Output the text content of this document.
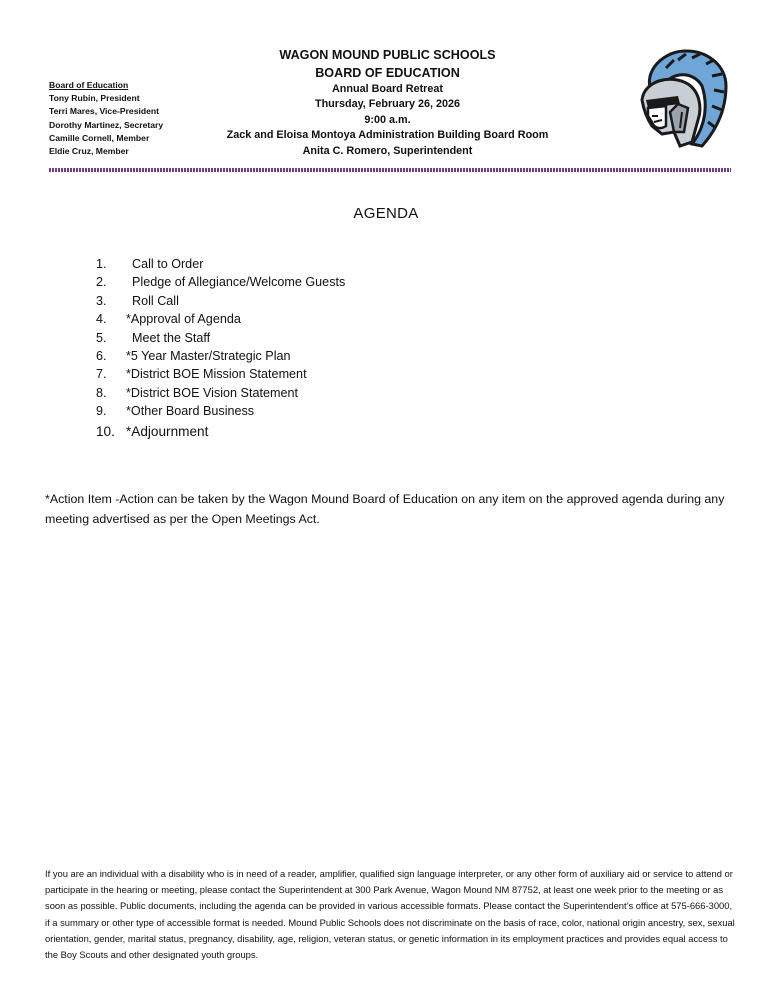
Board of Education
Tony Rubin, President
Terri Mares, Vice-President
Dorothy Martinez, Secretary
Camille Cornell, Member
Eldie Cruz, Member
WAGON MOUND PUBLIC SCHOOLS
BOARD OF EDUCATION
Annual Board Retreat
Thursday, February 26, 2026
9:00 a.m.
Zack and Eloisa Montoya Administration Building Board Room
Anita C. Romero, Superintendent
AGENDA
1. Call to Order
2. Pledge of Allegiance/Welcome Guests
3. Roll Call
4. *Approval of Agenda
5. Meet the Staff
6. *5 Year Master/Strategic Plan
7. *District BOE Mission Statement
8. *District BOE Vision Statement
9. *Other Board Business
10. *Adjournment
*Action Item -Action can be taken by the Wagon Mound Board of Education on any item on the approved agenda during any meeting advertised as per the Open Meetings Act.
If you are an individual with a disability who is in need of a reader, amplifier, qualified sign language interpreter, or any other form of auxiliary aid or service to attend or participate in the hearing or meeting, please contact the Superintendent at 300 Park Avenue, Wagon Mound NM 87752, at least one week prior to the meeting or as soon as possible. Public documents, including the agenda can be provided in various accessible formats. Please contact the Superintendent’s office at 575-666-3000, if a summary or other type of accessible format is needed. Mound Public Schools does not discriminate on the basis of race, color, national origin ancestry, sex, sexual orientation, gender, marital status, pregnancy, disability, age, religion, veteran status, or genetic information in its employment practices and provides equal access to the Boy Scouts and other designated youth groups.
